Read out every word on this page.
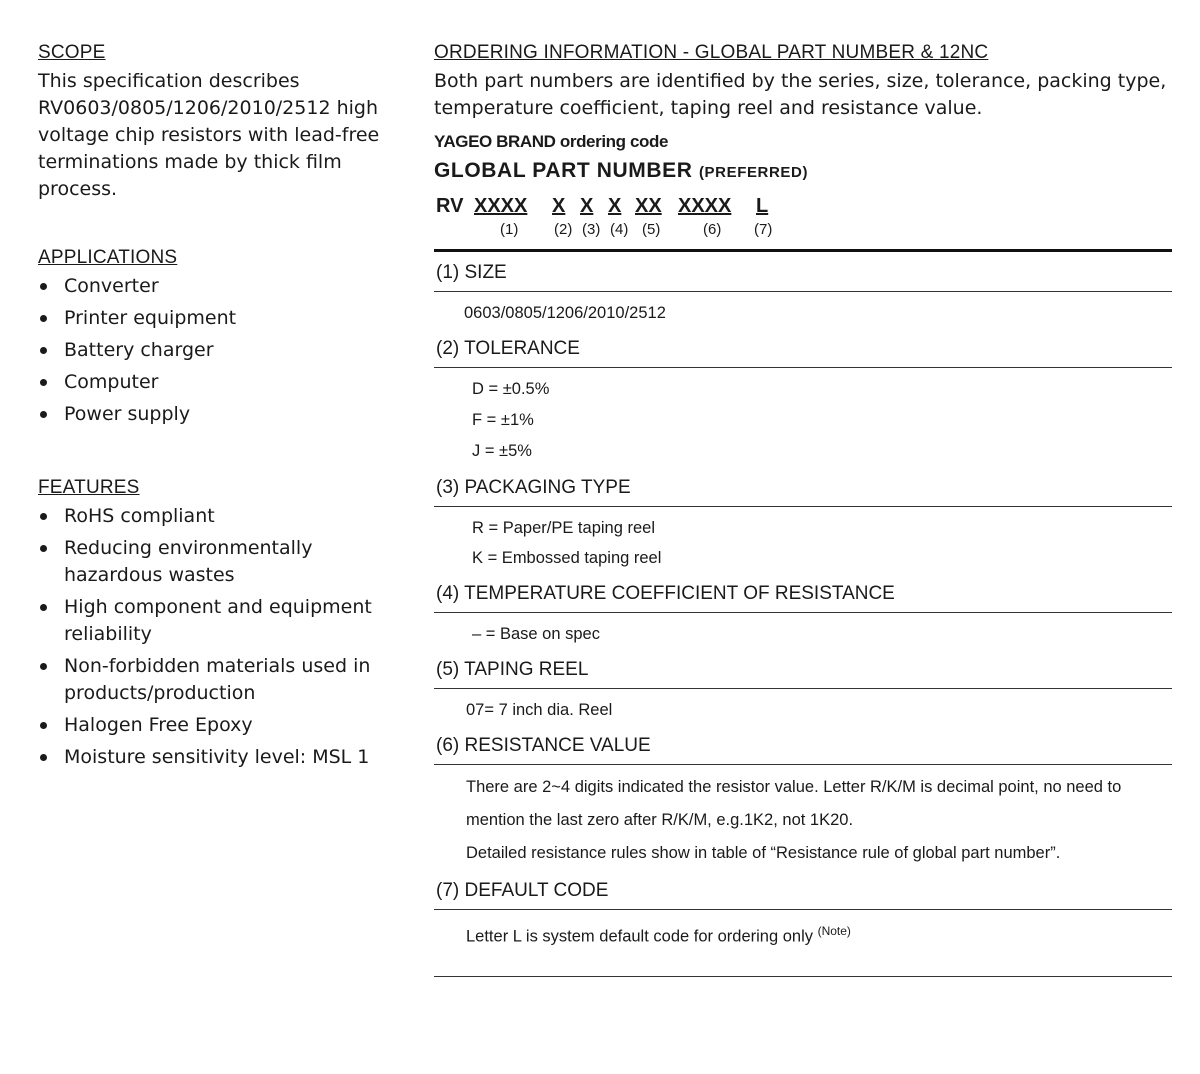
SCOPE

This specification describes RV0603/0805/1206/2010/2512 high voltage chip resistors with lead-free terminations made by thick film process.

APPLICATIONS
Converter
Printer equipment
Battery charger
Computer
Power supply
FEATURES
RoHS compliant
Reducing environmentally hazardous wastes
High component and equipment reliability
Non-forbidden materials used in products/production
Halogen Free Epoxy
Moisture sensitivity level: MSL 1
ORDERING INFORMATION - GLOBAL PART NUMBER & 12NC

Both part numbers are identified by the series, size, tolerance, packing type, temperature coefficient, taping reel and resistance value.

YAGEO BRAND ordering code
GLOBAL PART NUMBER (PREFERRED)
RV XXXX X X X XX XXXX L
(1) (2) (3) (4) (5)	(6) (7)
(1) SIZE
0603/0805/1206/2010/2512
(2) TOLERANCE
D = ±0.5%
F = ±1%
J = ±5%
(3) PACKAGING TYPE
R = Paper/PE taping reel
K = Embossed taping reel
(4) TEMPERATURE COEFFICIENT OF RESISTANCE
– = Base on spec
(5) TAPING REEL
07= 7 inch dia. Reel
(6) RESISTANCE VALUE
There are 2~4 digits indicated the resistor value. Letter R/K/M is decimal point, no need to mention the last zero after R/K/M, e.g.1K2, not 1K20.
Detailed resistance rules show in table of “Resistance rule of global part number”.
(7) DEFAULT CODE
Letter L is system default code for ordering only $^{(Note)}$
